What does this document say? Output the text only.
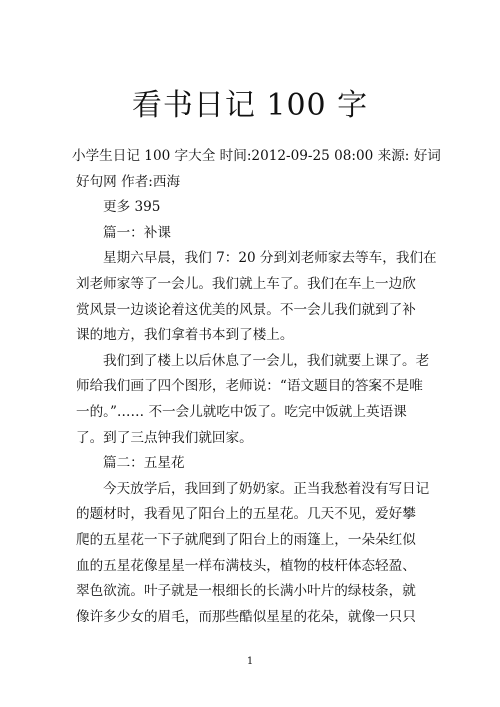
看书日记 100 字
小学生日记 100 字大全 时间:2012-09-25 08:00 来源: 好词
好句网 作者:西海
更多 395
篇一：补课
星期六早晨，我们 7：20 分到刘老师家去等车，我们在
刘老师家等了一会儿。我们就上车了。我们在车上一边欣
赏风景一边谈论着这优美的风景。不一会儿我们就到了补
课的地方，我们拿着书本到了楼上。
我们到了楼上以后休息了一会儿，我们就要上课了。老
师给我们画了四个图形，老师说：“语文题目的答案不是唯
一的。”…… 不一会儿就吃中饭了。吃完中饭就上英语课
了。到了三点钟我们就回家。
篇二：五星花
今天放学后，我回到了奶奶家。正当我愁着没有写日记
的题材时，我看见了阳台上的五星花。几天不见，爱好攀
爬的五星花一下子就爬到了阳台上的雨篷上，一朵朵红似
血的五星花像星星一样布满枝头，植物的枝杆体态轻盈、
翠色欲流。叶子就是一根细长的长满小叶片的绿枝条，就
像许多少女的眉毛，而那些酷似星星的花朵，就像一只只
1
